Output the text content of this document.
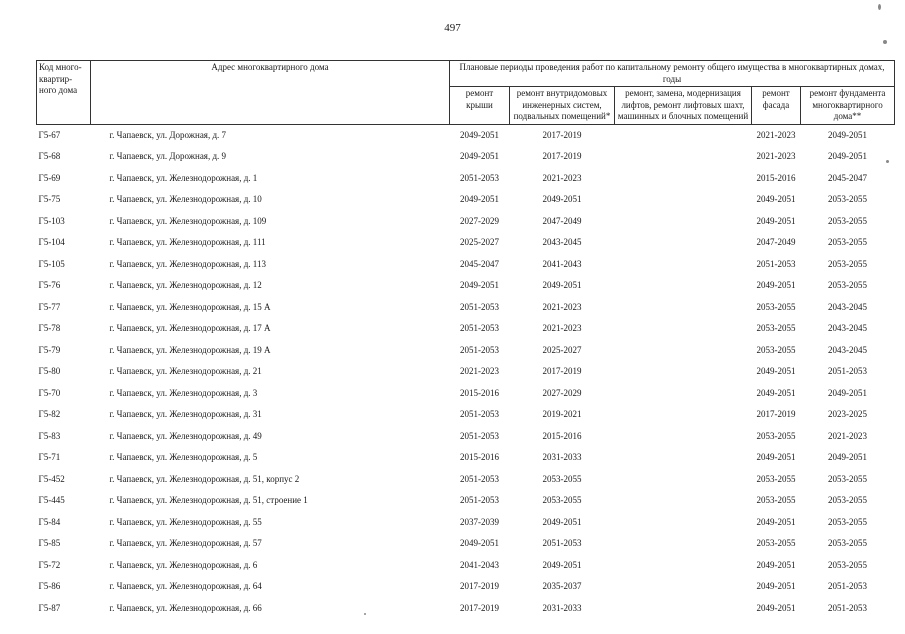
497
Код много-квартир-ного дома	Адрес многоквартирного дома	Плановые периоды проведения работ по капитальному ремонту общего имущества в многоквартирных домах, годы				
		ремонт крыши	ремонт внутридомовых инженерных систем, подвальных помещений*	ремонт, замена, модернизация лифтов, ремонт лифтовых шахт, машинных и блочных помещений	ремонт фасада	ремонт фундамента многоквартирного дома**
Г5-67	г. Чапаевск, ул. Дорожная, д. 7	2049-2051	2017-2019		2021-2023	2049-2051
Г5-68	г. Чапаевск, ул. Дорожная, д. 9	2049-2051	2017-2019		2021-2023	2049-2051
Г5-69	г. Чапаевск, ул. Железнодорожная, д. 1	2051-2053	2021-2023		2015-2016	2045-2047
Г5-75	г. Чапаевск, ул. Железнодорожная, д. 10	2049-2051	2049-2051		2049-2051	2053-2055
Г5-103	г. Чапаевск, ул. Железнодорожная, д. 109	2027-2029	2047-2049		2049-2051	2053-2055
Г5-104	г. Чапаевск, ул. Железнодорожная, д. 111	2025-2027	2043-2045		2047-2049	2053-2055
Г5-105	г. Чапаевск, ул. Железнодорожная, д. 113	2045-2047	2041-2043		2051-2053	2053-2055
Г5-76	г. Чапаевск, ул. Железнодорожная, д. 12	2049-2051	2049-2051		2049-2051	2053-2055
Г5-77	г. Чапаевск, ул. Железнодорожная, д. 15 А	2051-2053	2021-2023		2053-2055	2043-2045
Г5-78	г. Чапаевск, ул. Железнодорожная, д. 17 А	2051-2053	2021-2023		2053-2055	2043-2045
Г5-79	г. Чапаевск, ул. Железнодорожная, д. 19 А	2051-2053	2025-2027		2053-2055	2043-2045
Г5-80	г. Чапаевск, ул. Железнодорожная, д. 21	2021-2023	2017-2019		2049-2051	2051-2053
Г5-70	г. Чапаевск, ул. Железнодорожная, д. 3	2015-2016	2027-2029		2049-2051	2049-2051
Г5-82	г. Чапаевск, ул. Железнодорожная, д. 31	2051-2053	2019-2021		2017-2019	2023-2025
Г5-83	г. Чапаевск, ул. Железнодорожная, д. 49	2051-2053	2015-2016		2053-2055	2021-2023
Г5-71	г. Чапаевск, ул. Железнодорожная, д. 5	2015-2016	2031-2033		2049-2051	2049-2051
Г5-452	г. Чапаевск, ул. Железнодорожная, д. 51, корпус 2	2051-2053	2053-2055		2053-2055	2053-2055
Г5-445	г. Чапаевск, ул. Железнодорожная, д. 51, строение 1	2051-2053	2053-2055		2053-2055	2053-2055
Г5-84	г. Чапаевск, ул. Железнодорожная, д. 55	2037-2039	2049-2051		2049-2051	2053-2055
Г5-85	г. Чапаевск, ул. Железнодорожная, д. 57	2049-2051	2051-2053		2053-2055	2053-2055
Г5-72	г. Чапаевск, ул. Железнодорожная, д. 6	2041-2043	2049-2051		2049-2051	2053-2055
Г5-86	г. Чапаевск, ул. Железнодорожная, д. 64	2017-2019	2035-2037		2049-2051	2051-2053
Г5-87	г. Чапаевск, ул. Железнодорожная, д. 66	2017-2019	2031-2033		2049-2051	2051-2053
